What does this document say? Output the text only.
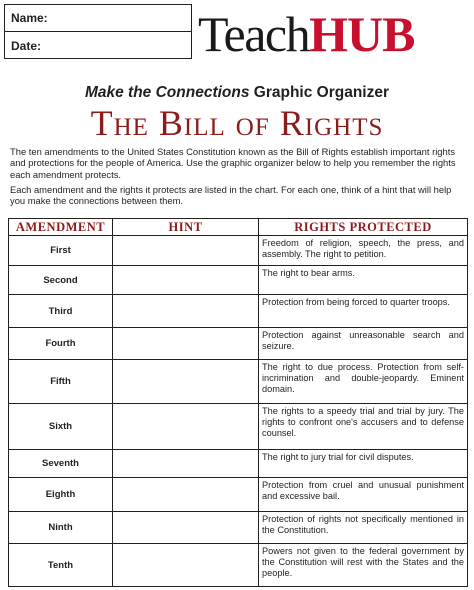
Name:
Date:	TeachHUB
Make the Connections Graphic Organizer
The Bill of Rights

The ten amendments to the United States Constitution known as the Bill of Rights establish important rights and protections for the people of America. Use the graphic organizer below to help you remember the rights each amendment protects.

Each amendment and the rights it protects are listed in the chart. For each one, think of a hint that will help you make the connections between them.

AMENDMENT	HINT	RIGHTS PROTECTED
First		Freedom of religion, speech, the press, and assembly. The right to petition.
Second		The right to bear arms.
Third		Protection from being forced to quarter troops.
Fourth		Protection against unreasonable search and seizure.
Fifth		The right to due process. Protection from self-incrimination and double-jeopardy. Eminent domain.
Sixth		The rights to a speedy trial and trial by jury. The rights to confront one's accusers and to defense counsel.
Seventh		The right to jury trial for civil disputes.
Eighth		Protection from cruel and unusual punishment and excessive bail.
Ninth		Protection of rights not specifically mentioned in the Constitution.
Tenth		Powers not given to the federal government by the Constitution will rest with the States and the people.
